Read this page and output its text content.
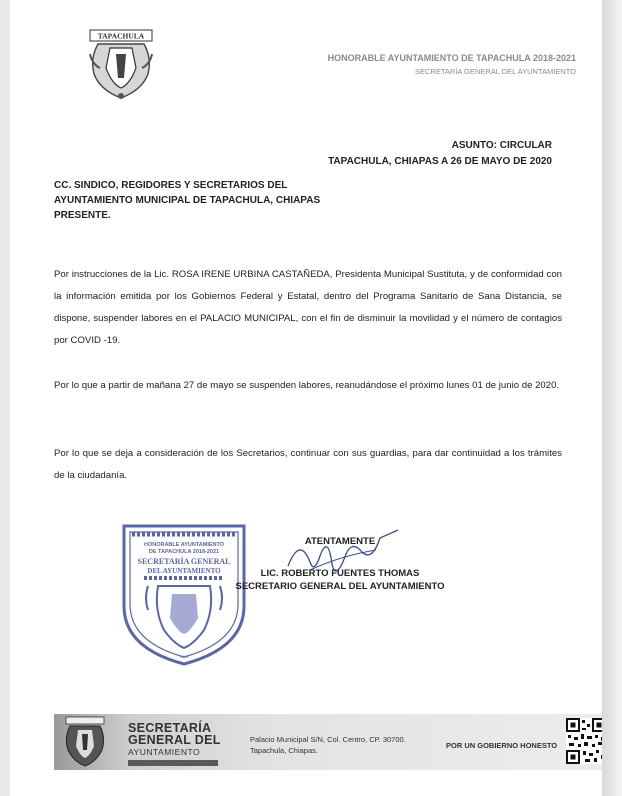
TAPACHULA
HONORABLE AYUNTAMIENTO DE TAPACHULA 2018-2021
SECRETARÍA GENERAL DEL AYUNTAMIENTO
ASUNTO: CIRCULAR
TAPACHULA, CHIAPAS A 26 DE MAYO DE 2020
CC. SINDICO, REGIDORES Y SECRETARIOS DEL
AYUNTAMIENTO MUNICIPAL DE TAPACHULA, CHIAPAS
PRESENTE.
Por instrucciones de la Lic. ROSA IRENE URBINA CASTAÑEDA, Presidenta Municipal Sustituta, y de conformidad con la información emitida por los Gobiernos Federal y Estatal, dentro del Programa Sanitario de Sana Distancia, se dispone, suspender labores en el PALACIO MUNICIPAL, con el fin de disminuir la movilidad y el número de contagios por COVID -19.
Por lo que a partir de mañana 27 de mayo se suspenden labores, reanudándose el próximo lunes 01 de junio de 2020.
Por lo que se deja a consideración de los Secretarios, continuar con sus guardias, para dar continuidad a los trámites de la ciudadanía.
HONORABLE AYUNTAMIENTO
DE TAPACHULA 2018-2021
SECRETARÍA GENERAL
DEL AYUNTAMIENTO
1813
ATENTAMENTE
LIC. ROBERTO FUENTES THOMAS
SECRETARIO GENERAL DEL AYUNTAMIENTO
SECRETARÍA
GENERAL DEL
AYUNTAMIENTO
Palacio Municipal S/N, Col. Centro, CP. 30700.
Tapachula, Chiapas.
POR UN GOBIERNO HONESTO
